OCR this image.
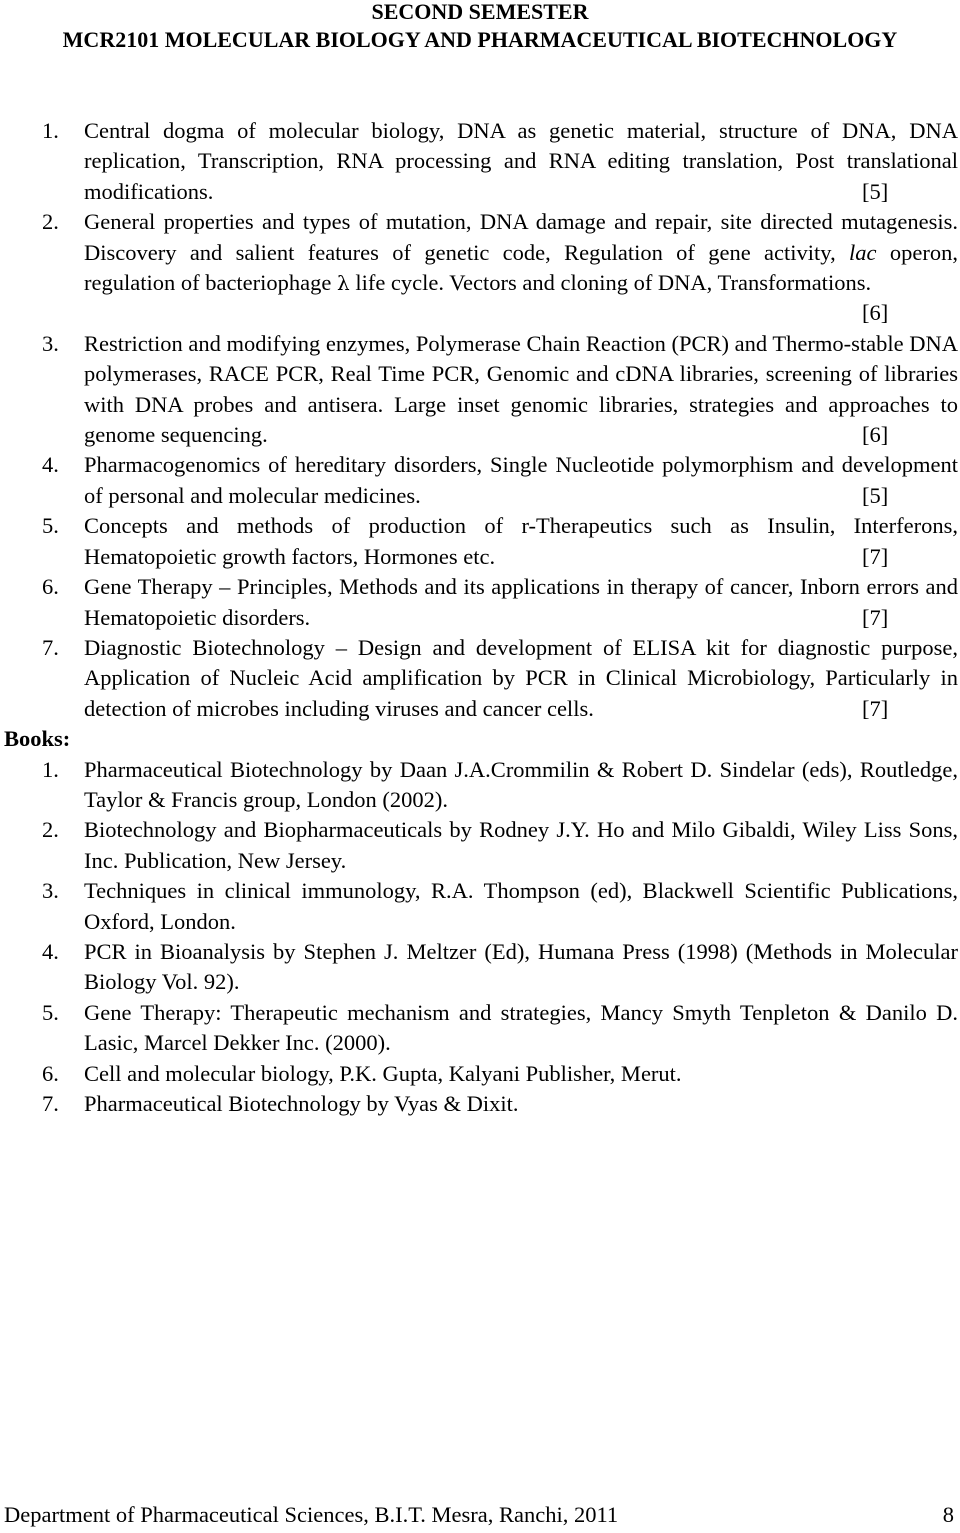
SECOND SEMESTER
MCR2101 MOLECULAR BIOLOGY AND PHARMACEUTICAL BIOTECHNOLOGY
1.	Central dogma of molecular biology, DNA as genetic material, structure of DNA, DNA replication, Transcription, RNA processing and RNA editing translation, Post translational modifications.	[5]
2.	General properties and types of mutation, DNA damage and repair, site directed mutagenesis. Discovery and salient features of genetic code, Regulation of gene activity, lac operon, regulation of bacteriophage λ life cycle. Vectors and cloning of DNA, Transformations.
[6]
3.	Restriction and modifying enzymes, Polymerase Chain Reaction (PCR) and Thermo-stable DNA polymerases, RACE PCR, Real Time PCR, Genomic and cDNA libraries, screening of libraries with DNA probes and antisera. Large inset genomic libraries, strategies and approaches to genome sequencing.	[6]
4.	Pharmacogenomics of hereditary disorders, Single Nucleotide polymorphism and development of personal and molecular medicines.	[5]
5.	Concepts and methods of production of r-Therapeutics such as Insulin, Interferons, Hematopoietic growth factors, Hormones etc.	[7]
6.	Gene Therapy – Principles, Methods and its applications in therapy of cancer, Inborn errors and Hematopoietic disorders.	[7]
7.	Diagnostic Biotechnology – Design and development of ELISA kit for diagnostic purpose, Application of Nucleic Acid amplification by PCR in Clinical Microbiology, Particularly in detection of microbes including viruses and cancer cells.	[7]
Books:
1.	Pharmaceutical Biotechnology by Daan J.A.Crommilin & Robert D. Sindelar (eds), Routledge, Taylor & Francis group, London (2002).
2.	Biotechnology and Biopharmaceuticals by Rodney J.Y. Ho and Milo Gibaldi, Wiley Liss Sons, Inc. Publication, New Jersey.
3.	Techniques in clinical immunology, R.A. Thompson (ed), Blackwell Scientific Publications, Oxford, London.
4.	PCR in Bioanalysis by Stephen J. Meltzer (Ed), Humana Press (1998) (Methods in Molecular Biology Vol. 92).
5.	Gene Therapy: Therapeutic mechanism and strategies, Mancy Smyth Tenpleton & Danilo D. Lasic, Marcel Dekker Inc. (2000).
6.	Cell and molecular biology, P.K. Gupta, Kalyani Publisher, Merut.
7.	Pharmaceutical Biotechnology by Vyas & Dixit.
Department of Pharmaceutical Sciences, B.I.T. Mesra, Ranchi, 2011	8
